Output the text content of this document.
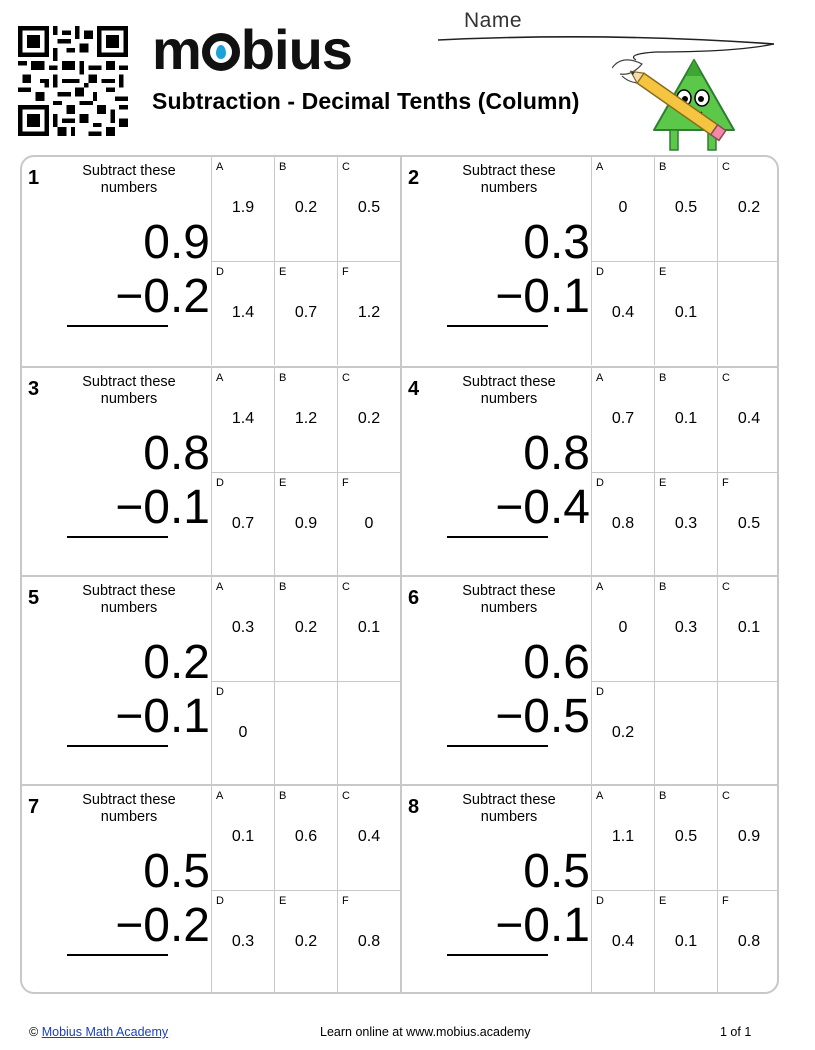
m bius
Subtraction - Decimal Tenths (Column)
Name
1	Subtract these numbers
0.9
−0.2
A
1.9
B
0.2
C
0.5
D
1.4
E
0.7
F
1.2
2	Subtract these numbers
0.3
−0.1
A
0
B
0.5
C
0.2
D
0.4
E
0.1
3	Subtract these numbers
0.8
−0.1
A
1.4
B
1.2
C
0.2
D
0.7
E
0.9
F
0
4	Subtract these numbers
0.8
−0.4
A
0.7
B
0.1
C
0.4
D
0.8
E
0.3
F
0.5
5	Subtract these numbers
0.2
−0.1
A
0.3
B
0.2
C
0.1
D
0
6	Subtract these numbers
0.6
−0.5
A
0
B
0.3
C
0.1
D
0.2
7	Subtract these numbers
0.5
−0.2
A
0.1
B
0.6
C
0.4
D
0.3
E
0.2
F
0.8
8	Subtract these numbers
0.5
−0.1
A
1.1
B
0.5
C
0.9
D
0.4
E
0.1
F
0.8
© Mobius Math Academy	Learn online at www.mobius.academy	1 of 1
